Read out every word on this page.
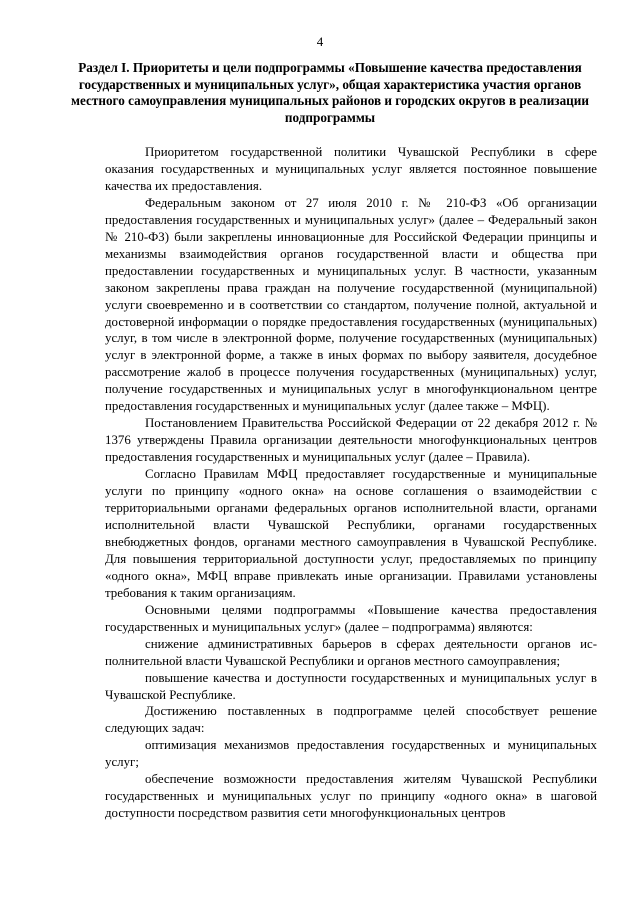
4
Раздел I. Приоритеты и цели подпрограммы «Повышение качества предоставления государственных и муниципальных услуг», общая характеристика участия органов местного самоуправления муниципальных районов и городских округов в реализации подпрограммы

Приоритетом государственной политики Чувашской Республики в сфере оказания государственных и муниципальных услуг является постоянное повышение качества их предоставления.

Федеральным законом от 27 июля 2010 г. № 210-ФЗ «Об организации предоставления государственных и муниципальных услуг» (далее – Федеральный закон № 210-ФЗ) были закреплены инновационные для Российской Федерации принципы и механизмы взаимодействия органов государственной власти и общества при предоставлении государственных и муниципальных услуг. В частности, указанным законом закреплены права граждан на получение государственной (муниципальной) услуги своевременно и в соответствии со стандартом, получение полной, актуальной и достоверной информации о порядке предоставления государственных (муниципальных) услуг, в том числе в электронной форме, получение государственных (муниципальных) услуг в электронной форме, а также в иных формах по выбору заявителя, досудебное рассмотрение жалоб в процессе получения государственных (муниципальных) услуг, получение государственных и муниципальных услуг в многофункциональном центре предоставления государственных и муниципальных услуг (далее также – МФЦ).

Постановлением Правительства Российской Федерации от 22 декабря 2012 г. № 1376 утверждены Правила организации деятельности многофункциональных центров предоставления государственных и муниципальных услуг (далее – Правила).

Согласно Правилам МФЦ предоставляет государственные и муниципальные услуги по принципу «одного окна» на основе соглашения о взаимодействии с территориальными органами федеральных органов исполнительной власти, органами исполнительной власти Чувашской Республики, органами государственных внебюджетных фондов, органами местного самоуправления в Чувашской Республике. Для повышения территориальной доступности услуг, предоставляемых по принципу «одного окна», МФЦ вправе привлекать иные организации. Правилами установлены требования к таким организациям.

Основными целями подпрограммы «Повышение качества предоставления государственных и муниципальных услуг» (далее – подпрограмма) являются:

снижение административных барьеров в сферах деятельности органов исполнительной власти Чувашской Республики и органов местного самоуправления;

повышение качества и доступности государственных и муниципальных услуг в Чувашской Республике.

Достижению поставленных в подпрограмме целей способствует решение следующих задач:

оптимизация механизмов предоставления государственных и муниципальных услуг;

обеспечение возможности предоставления жителям Чувашской Республики государственных и муниципальных услуг по принципу «одного окна» в шаговой доступности посредством развития сети многофункциональных центров
